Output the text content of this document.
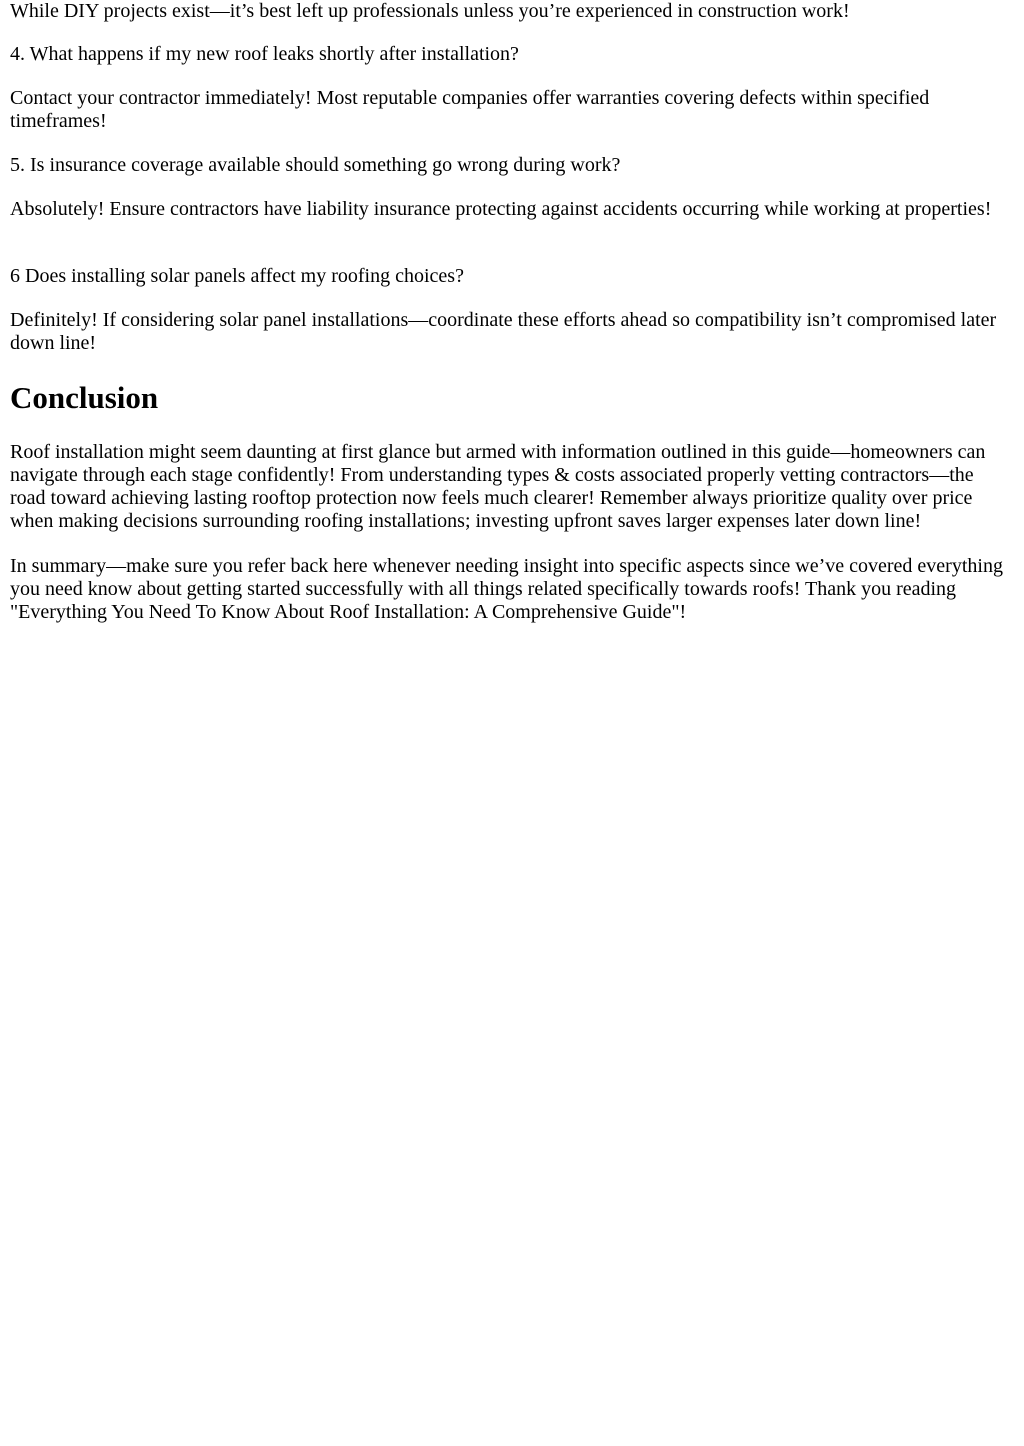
While DIY projects exist—it’s best left up professionals unless you’re experienced in construction work!

4. What happens if my new roof leaks shortly after installation?

Contact your contractor immediately! Most reputable companies offer warranties covering defects within specified timeframes!

5. Is insurance coverage available should something go wrong during work?

Absolutely! Ensure contractors have liability insurance protecting against accidents occurring while working at properties!

6 Does installing solar panels affect my roofing choices?

Definitely! If considering solar panel installations—coordinate these efforts ahead so compatibility isn’t compromised later down line!

Conclusion

Roof installation might seem daunting at first glance but armed with information outlined in this guide—homeowners can navigate through each stage confidently! From understanding types & costs associated properly vetting contractors—the road toward achieving lasting rooftop protection now feels much clearer! Remember always prioritize quality over price when making decisions surrounding roofing installations; investing upfront saves larger expenses later down line!

In summary—make sure you refer back here whenever needing insight into specific aspects since we’ve covered everything you need know about getting started successfully with all things related specifically towards roofs! Thank you reading "Everything You Need To Know About Roof Installation: A Comprehensive Guide"!
